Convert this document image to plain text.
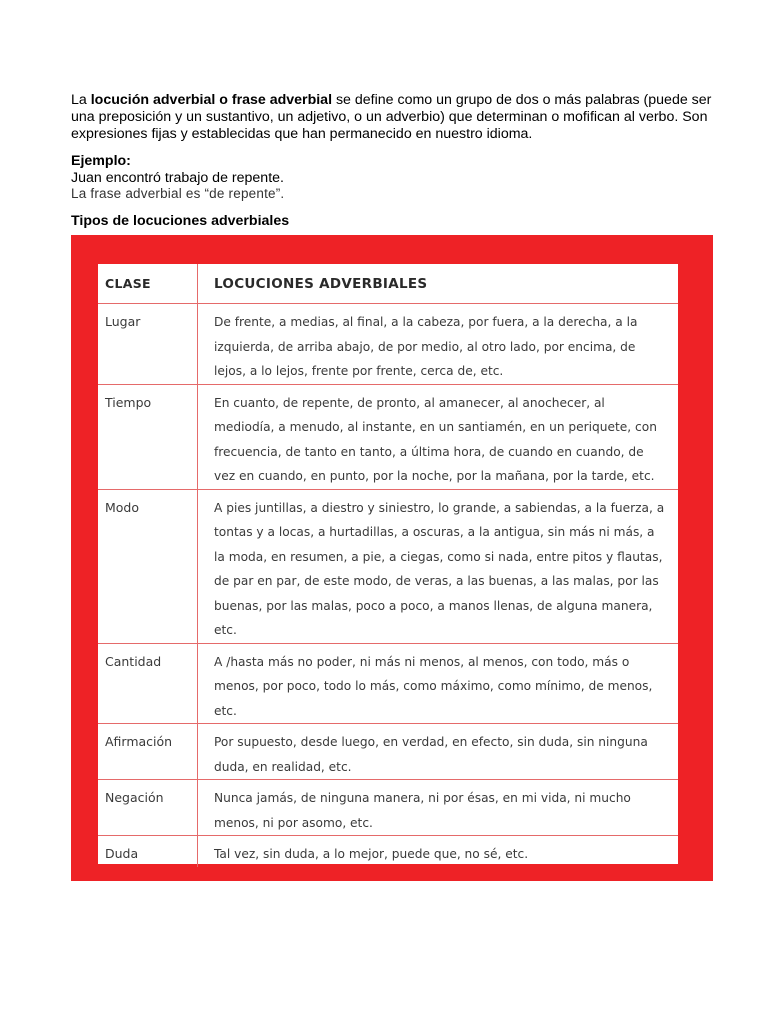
La locución adverbial o frase adverbial se define como un grupo de dos o más palabras (puede ser una preposición y un sustantivo, un adjetivo, o un adverbio) que determinan o mofifican al verbo. Son expresiones fijas y establecidas que han permanecido en nuestro idioma.

Ejemplo:

Juan encontró trabajo de repente.

La frase adverbial es “de repente”.

Tipos de locuciones adverbiales

CLASE	LOCUCIONES ADVERBIALES
Lugar	De frente, a medias, al final, a la cabeza, por fuera, a la derecha, a la izquierda, de arriba abajo, de por medio, al otro lado, por encima, de lejos, a lo lejos, frente por frente, cerca de, etc.
Tiempo	En cuanto, de repente, de pronto, al amanecer, al anochecer, al mediodía, a menudo, al instante, en un santiamén, en un periquete, con frecuencia, de tanto en tanto, a última hora, de cuando en cuando, de vez en cuando, en punto, por la noche, por la mañana, por la tarde, etc.
Modo	A pies juntillas, a diestro y siniestro, lo grande, a sabiendas, a la fuerza, a tontas y a locas, a hurtadillas, a oscuras, a la antigua, sin más ni más, a la moda, en resumen, a pie, a ciegas, como si nada, entre pitos y flautas, de par en par, de este modo, de veras, a las buenas, a las malas, por las buenas, por las malas, poco a poco, a manos llenas, de alguna manera, etc.
Cantidad	A /hasta más no poder, ni más ni menos, al menos, con todo, más o menos, por poco, todo lo más, como máximo, como mínimo, de menos, etc.
Afirmación	Por supuesto, desde luego, en verdad, en efecto, sin duda, sin ninguna duda, en realidad, etc.
Negación	Nunca jamás, de ninguna manera, ni por ésas, en mi vida, ni mucho menos, ni por asomo, etc.
Duda	Tal vez, sin duda, a lo mejor, puede que, no sé, etc.
